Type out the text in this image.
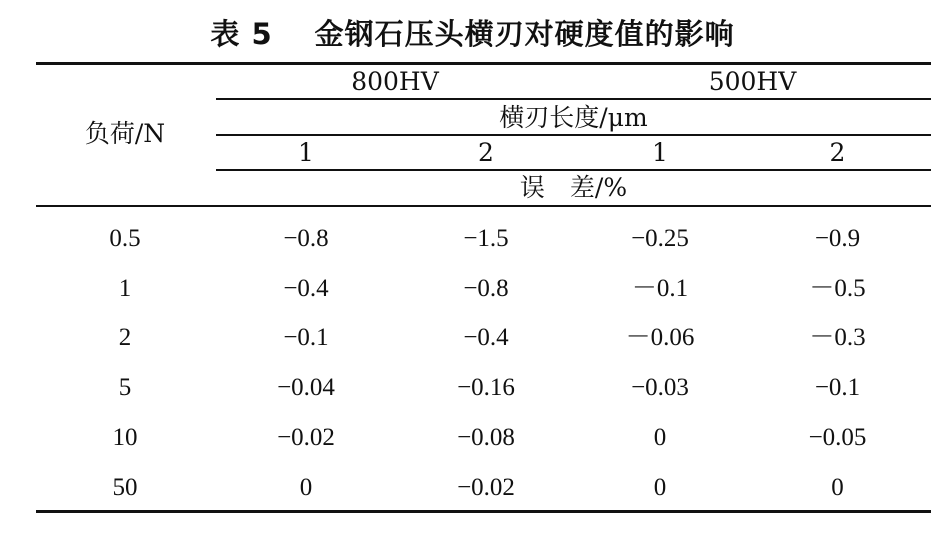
表 5 金钢石压头横刃对硬度值的影响
负荷/N
800HV	500HV
横刃长度/μm
1	2	1	2
误　差/%
0.5	−0.8	−1.5	−0.25	−0.9
1	−0.4	−0.8	－0.1	－0.5
2	−0.1	−0.4	－0.06	－0.3
5	−0.04	−0.16	−0.03	−0.1
10	−0.02	−0.08	0	−0.05
50	0	−0.02	0	0
